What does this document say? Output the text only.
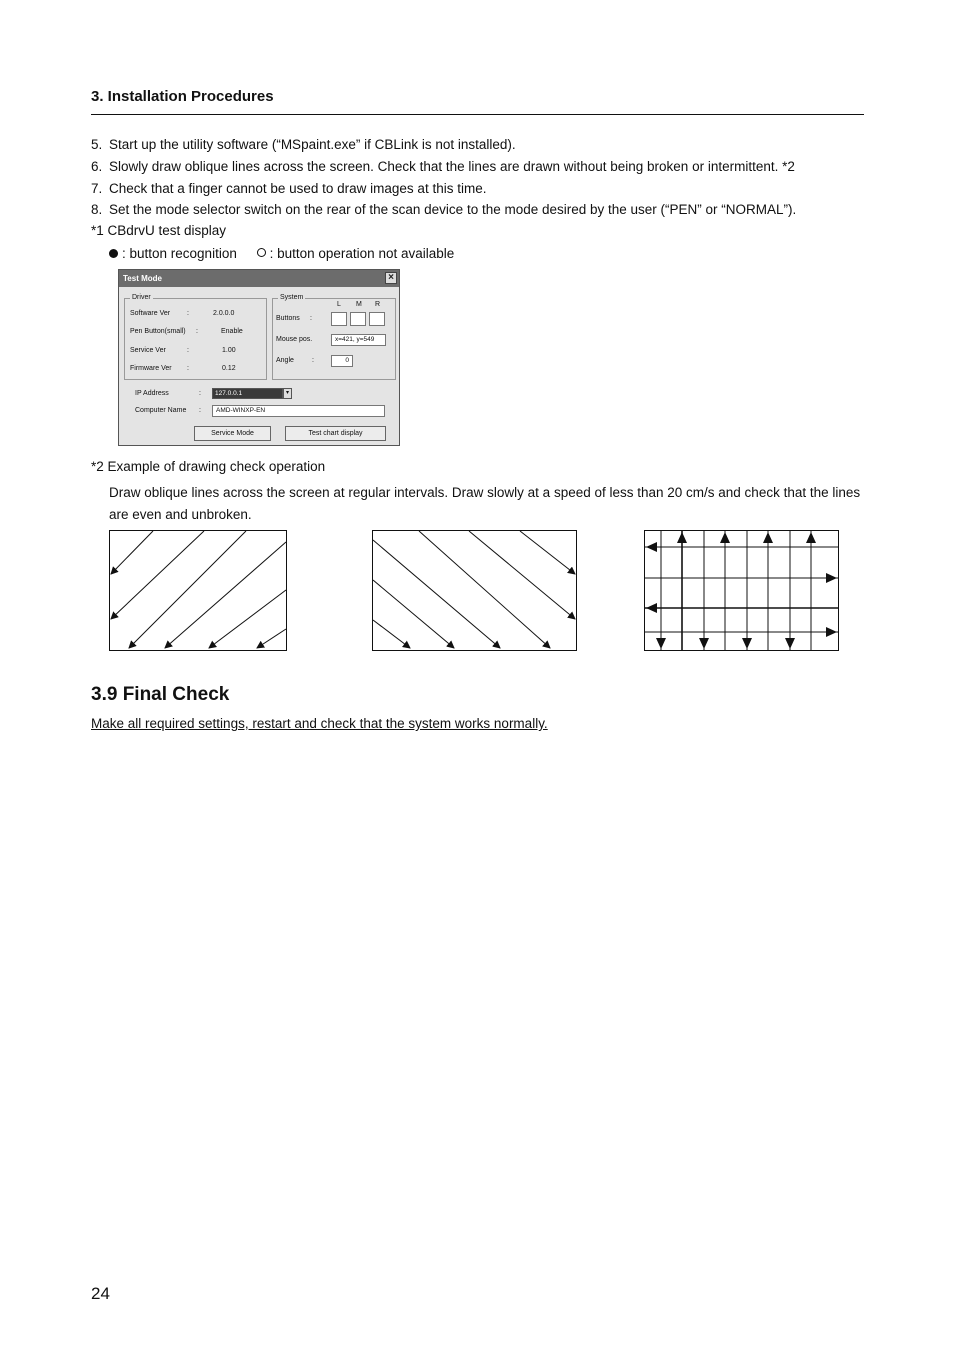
3. Installation Procedures
5. Start up the utility software (“MSpaint.exe” if CBLink is not installed).
6. Slowly draw oblique lines across the screen. Check that the lines are drawn without being broken or intermittent. *2
7. Check that a finger cannot be used to draw images at this time.
8. Set the mode selector switch on the rear of the scan device to the mode desired by the user (“PEN” or “NORMAL”).
*1 CBdrvU test display
: button recognition : button operation not available
Test Mode	×
Driver
Software Ver :	2.0.0.0
Pen Button(small) :	Enable
Service Ver	:	1.00
Firmware Ver :	0.12
System
L M R
Buttons :
Mouse pos.	x=421, y=549
Angle	:	0
IP Address	:	127.0.0.1	▾
Computer Name :	AMD-WINXP-EN
Service Mode	Test chart display
*2 Example of drawing check operation
Draw oblique lines across the screen at regular intervals. Draw slowly at a speed of less than 20 cm/s and check that the lines are even and unbroken.
3.9 Final Check
Make all required settings, restart and check that the system works normally.
24
